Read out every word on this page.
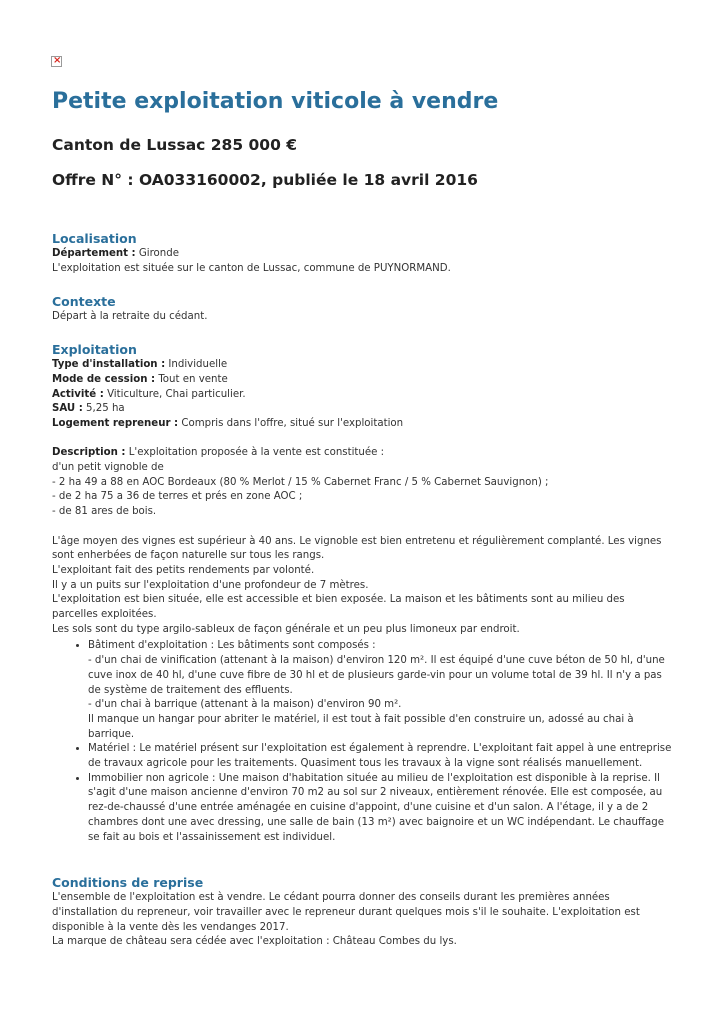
×
Petite exploitation viticole à vendre
Canton de Lussac 285 000 €
Offre N° : OA033160002, publiée le 18 avril 2016
Localisation

Département : Gironde

L'exploitation est située sur le canton de Lussac, commune de PUYNORMAND.

Contexte

Départ à la retraite du cédant.

Exploitation

Type d'installation : Individuelle

Mode de cession : Tout en vente

Activité : Viticulture, Chai particulier.

SAU : 5,25 ha

Logement repreneur : Compris dans l'offre, situé sur l'exploitation

Description : L'exploitation proposée à la vente est constituée :

d'un petit vignoble de

- 2 ha 49 a 88 en AOC Bordeaux (80 % Merlot / 15 % Cabernet Franc / 5 % Cabernet Sauvignon) ;

- de 2 ha 75 a 36 de terres et prés en zone AOC ;

- de 81 ares de bois.

L'âge moyen des vignes est supérieur à 40 ans. Le vignoble est bien entretenu et régulièrement complanté. Les vignes sont enherbées de façon naturelle sur tous les rangs.

L'exploitant fait des petits rendements par volonté.

Il y a un puits sur l'exploitation d'une profondeur de 7 mètres.

L'exploitation est bien située, elle est accessible et bien exposée. La maison et les bâtiments sont au milieu des parcelles exploitées.

Les sols sont du type argilo-sableux de façon générale et un peu plus limoneux par endroit.

• Bâtiment d'exploitation : Les bâtiments sont composés :
- d'un chai de vinification (attenant à la maison) d'environ 120 m². Il est équipé d'une cuve béton de 50 hl, d'une cuve inox de 40 hl, d'une cuve fibre de 30 hl et de plusieurs garde-vin pour un volume total de 39 hl. Il n'y a pas de système de traitement des effluents.
- d'un chai à barrique (attenant à la maison) d'environ 90 m².
Il manque un hangar pour abriter le matériel, il est tout à fait possible d'en construire un, adossé au chai à barrique.
• Matériel : Le matériel présent sur l'exploitation est également à reprendre. L'exploitant fait appel à une entreprise de travaux agricole pour les traitements. Quasiment tous les travaux à la vigne sont réalisés manuellement.
• Immobilier non agricole : Une maison d'habitation située au milieu de l'exploitation est disponible à la reprise. Il s'agit d'une maison ancienne d'environ 70 m2 au sol sur 2 niveaux, entièrement rénovée. Elle est composée, au rez-de-chaussé d'une entrée aménagée en cuisine d'appoint, d'une cuisine et d'un salon. A l'étage, il y a de 2 chambres dont une avec dressing, une salle de bain (13 m²) avec baignoire et un WC indépendant. Le chauffage se fait au bois et l'assainissement est individuel.
Conditions de reprise

L'ensemble de l'exploitation est à vendre. Le cédant pourra donner des conseils durant les premières années d'installation du repreneur, voir travailler avec le repreneur durant quelques mois s'il le souhaite. L'exploitation est disponible à la vente dès les vendanges 2017.

La marque de château sera cédée avec l'exploitation : Château Combes du lys.
